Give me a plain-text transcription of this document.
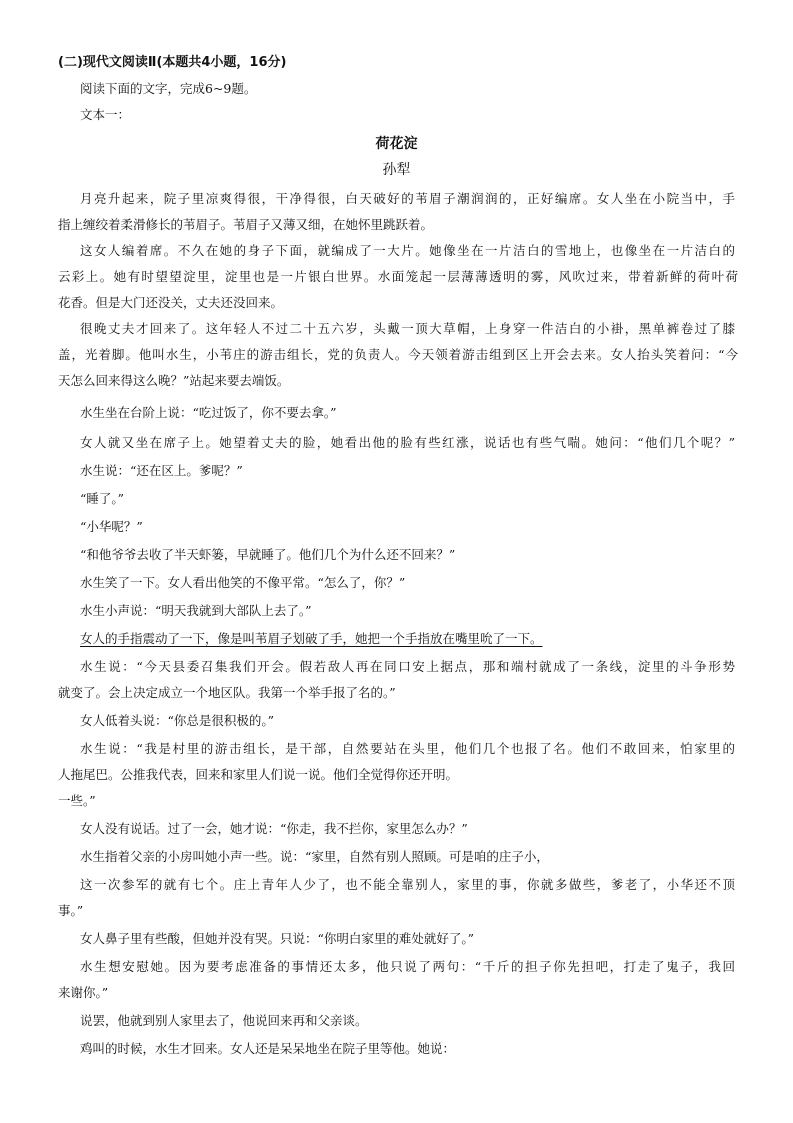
(二)现代文阅读Ⅱ(本题共4小题，16分)
阅读下面的文字，完成6~9题。
文本一：
荷花淀
孙犁
月亮升起来，院子里凉爽得很，干净得很，白天破好的苇眉子潮润润的，正好编席。女人坐在小院当中，手
指上缠绞着柔滑修长的苇眉子。苇眉子又薄又细，在她怀里跳跃着。
这女人编着席。不久在她的身子下面，就编成了一大片。她像坐在一片洁白的雪地上，也像坐在一片洁白的
云彩上。她有时望望淀里，淀里也是一片银白世界。水面笼起一层薄薄透明的雾，风吹过来，带着新鲜的荷叶荷
花香。但是大门还没关，丈夫还没回来。
很晚丈夫才回来了。这年轻人不过二十五六岁，头戴一顶大草帽，上身穿一件洁白的小褂，黑单裤卷过了膝
盖，光着脚。他叫水生，小苇庄的游击组长，党的负责人。今天领着游击组到区上开会去来。女人抬头笑着问：“今
天怎么回来得这么晚？”站起来要去端饭。
水生坐在台阶上说：“吃过饭了，你不要去拿。”
女人就又坐在席子上。她望着丈夫的脸，她看出他的脸有些红涨，说话也有些气喘。她问：“他们几个呢？”
水生说：“还在区上。爹呢？”
“睡了。”
“小华呢？”
“和他爷爷去收了半天虾篓，早就睡了。他们几个为什么还不回来？”
水生笑了一下。女人看出他笑的不像平常。“怎么了，你？”
水生小声说：“明天我就到大部队上去了。”
女人的手指震动了一下，像是叫苇眉子划破了手，她把一个手指放在嘴里吮了一下。
水生说：“今天县委召集我们开会。假若敌人再在同口安上据点，那和端村就成了一条线，淀里的斗争形势
就变了。会上决定成立一个地区队。我第一个举手报了名的。”
女人低着头说：“你总是很积极的。”
水生说：“我是村里的游击组长，是干部，自然要站在头里，他们几个也报了名。他们不敢回来，怕家里的
人拖尾巴。公推我代表，回来和家里人们说一说。他们全觉得你还开明。
一些。”
女人没有说话。过了一会，她才说：“你走，我不拦你，家里怎么办？”
水生指着父亲的小房叫她小声一些。说：“家里，自然有别人照顾。可是咱的庄子小，
这一次参军的就有七个。庄上青年人少了，也不能全靠别人，家里的事，你就多做些，爹老了，小华还不顶
事。”
女人鼻子里有些酸，但她并没有哭。只说：“你明白家里的难处就好了。”
水生想安慰她。因为要考虑准备的事情还太多，他只说了两句：“千斤的担子你先担吧，打走了鬼子，我回
来谢你。”
说罢，他就到别人家里去了，他说回来再和父亲谈。
鸡叫的时候，水生才回来。女人还是呆呆地坐在院子里等他。她说：
